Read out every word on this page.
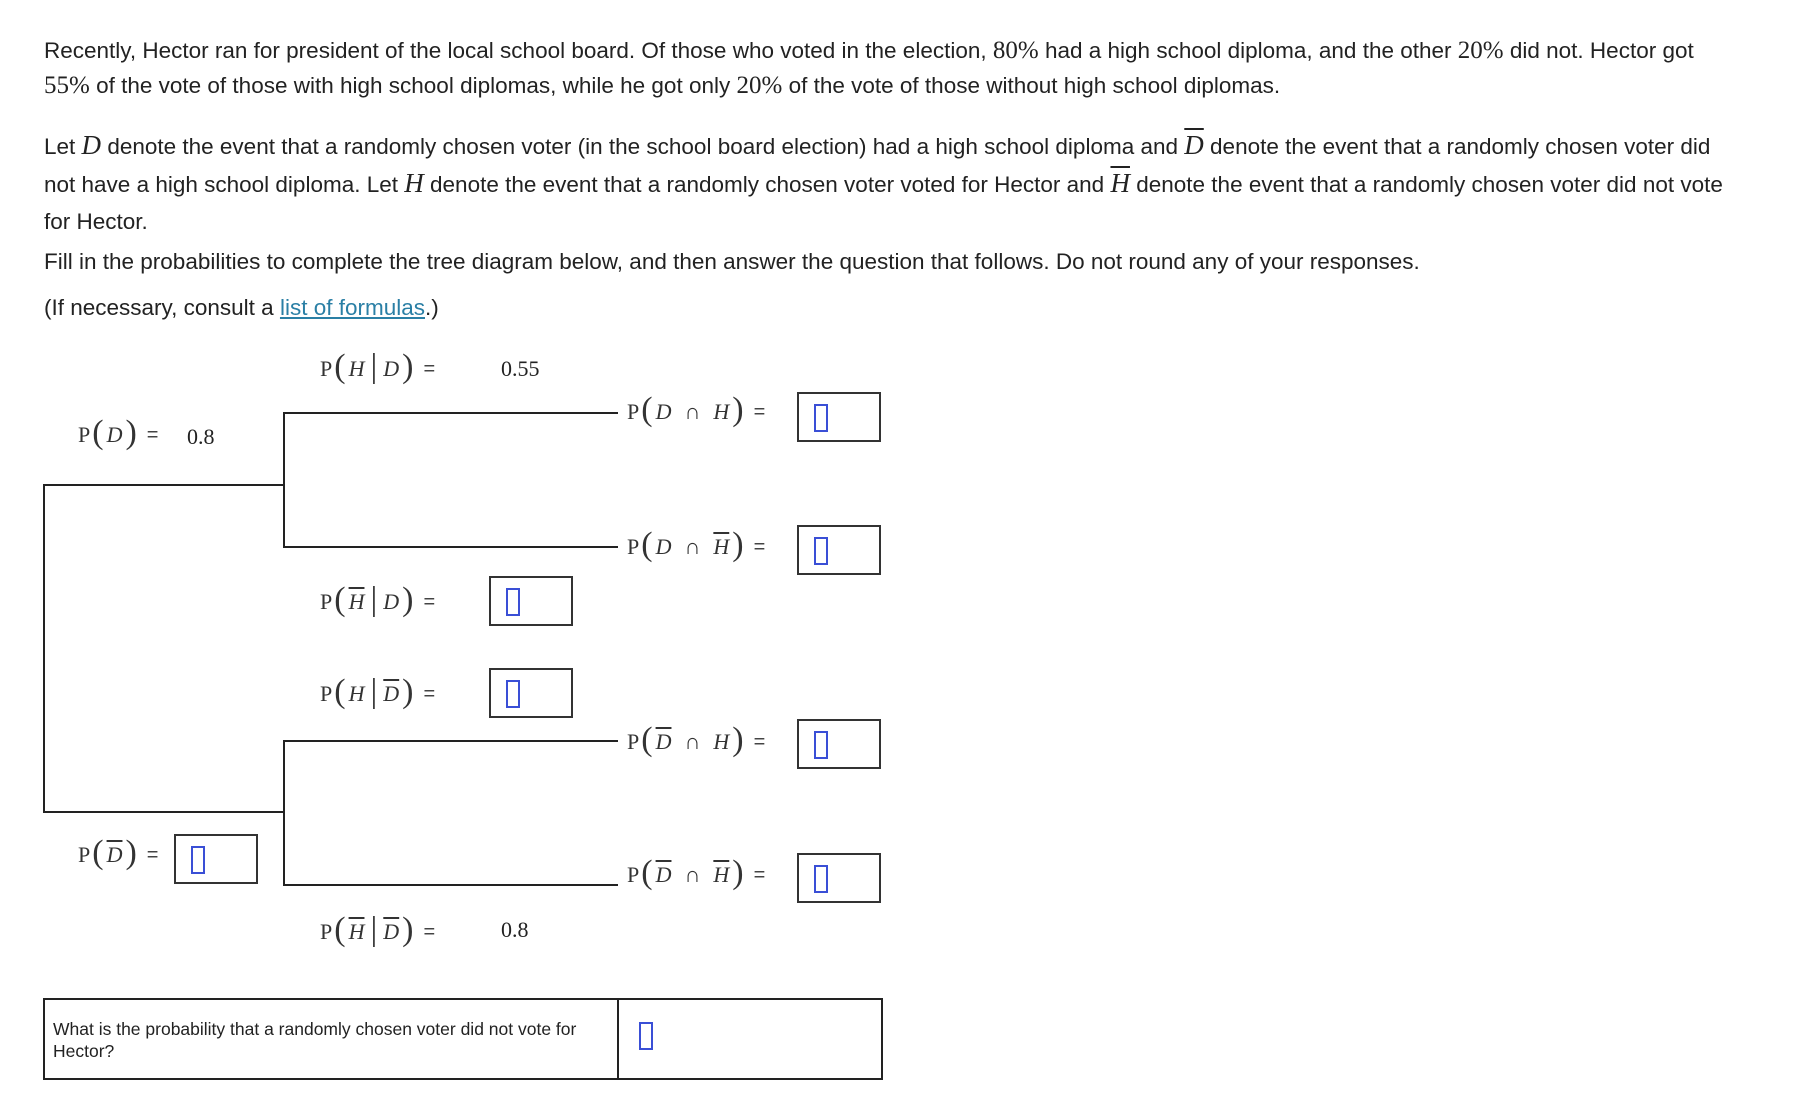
Recently, Hector ran for president of the local school board. Of those who voted in the election, 80% had a high school diploma, and the other 20% did not. Hector got 55% of the vote of those with high school diplomas, while he got only 20% of the vote of those without high school diplomas.

Let D denote the event that a randomly chosen voter (in the school board election) had a high school diploma and $\overline{D}$ denote the event that a randomly chosen voter did not have a high school diploma. Let H denote the event that a randomly chosen voter voted for Hector and $\overline{H}$ denote the event that a randomly chosen voter did not vote for Hector.

Fill in the probabilities to complete the tree diagram below, and then answer the question that follows. Do not round any of your responses.

(If necessary, consult a list of formulas.)

P ( D ) = 0.8
P ( $\overline{D}$ ) =
P ( H | D ) =	0.55
P ( $\overline{H}$ | D ) =
P ( H | $\overline{D}$ ) =
P ( $\overline{H}$ | $\overline{D}$ ) =	0.8
P ( D ∩ H ) =
P ( D ∩ $\overline{H}$ ) =
P ( $\overline{D}$ ∩ H ) =
P ( $\overline{D}$ ∩ $\overline{H}$ ) =
What is the probability that a randomly chosen voter did not vote for Hector?
